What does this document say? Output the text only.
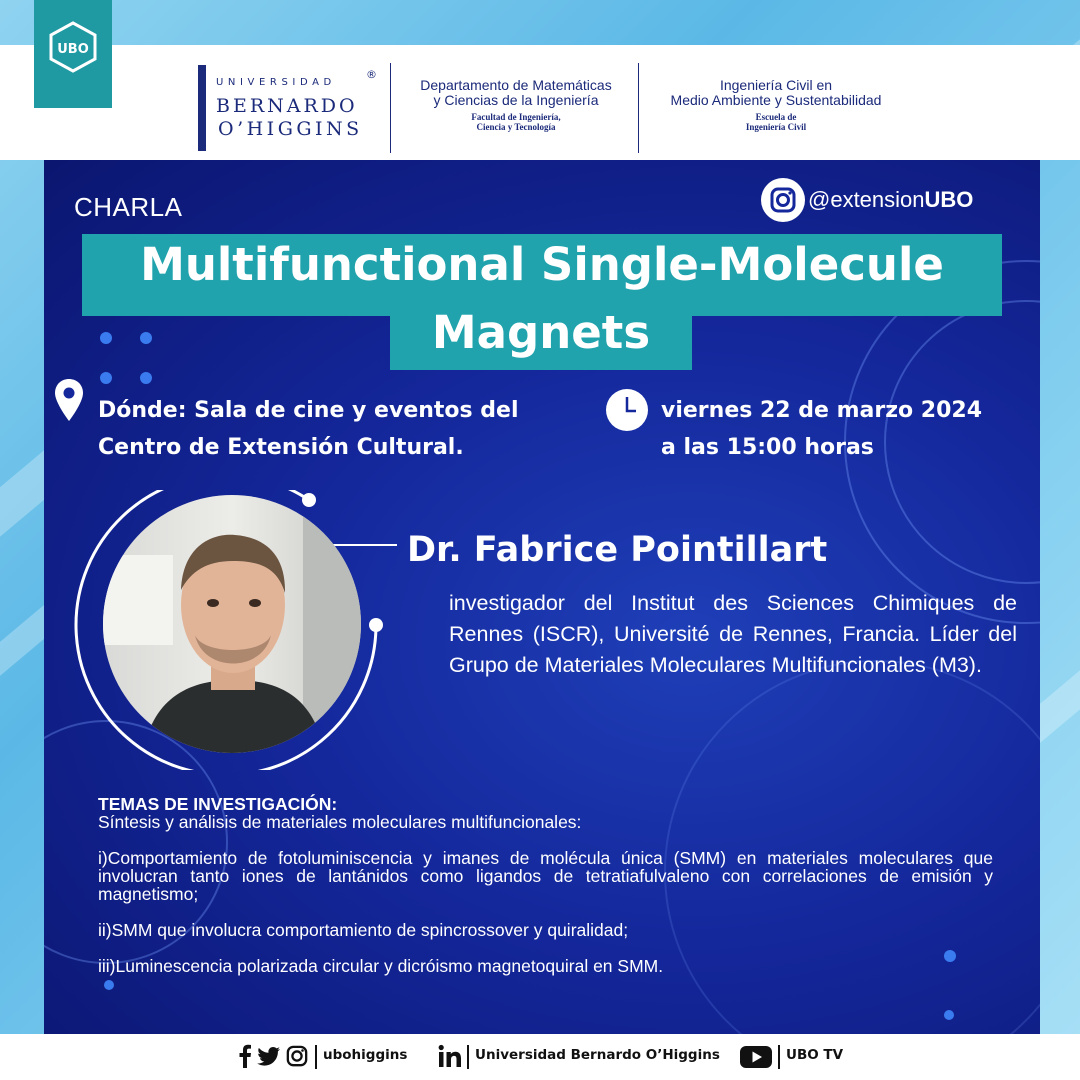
UBO
UNIVERSIDAD
BERNARDO
O’HIGGINS
®
Departamento de Matemáticas
y Ciencias de la Ingeniería
Facultad de Ingeniería,
Ciencia y Tecnología
Ingeniería Civil en
Medio Ambiente y Sustentabilidad
Escuela de
Ingeniería Civil
CHARLA	@extensionUBO
Multifunctional Single-Molecule
Magnets
Dónde: Sala de cine y eventos del
Centro de Extensión Cultural.
viernes 22 de marzo 2024
a las 15:00 horas
Dr. Fabrice Pointillart
investigador del Institut des Sciences Chimiques de Rennes (ISCR), Université de Rennes, Francia. Líder del Grupo de Materiales Moleculares Multifuncionales (M3).
TEMAS DE INVESTIGACIÓN:
Síntesis y análisis de materiales moleculares multifuncionales:
i)Comportamiento de fotoluminiscencia y imanes de molécula única (SMM) en materiales moleculares que involucran tanto iones de lantánidos como ligandos de tetratiafulvaleno con correlaciones de emisión y magnetismo;
ii)SMM que involucra comportamiento de spincrossover y quiralidad;
iii)Luminescencia polarizada circular y dicróismo magnetoquiral en SMM.
ubohiggins	Universidad Bernardo O’Higgins	UBO TV
